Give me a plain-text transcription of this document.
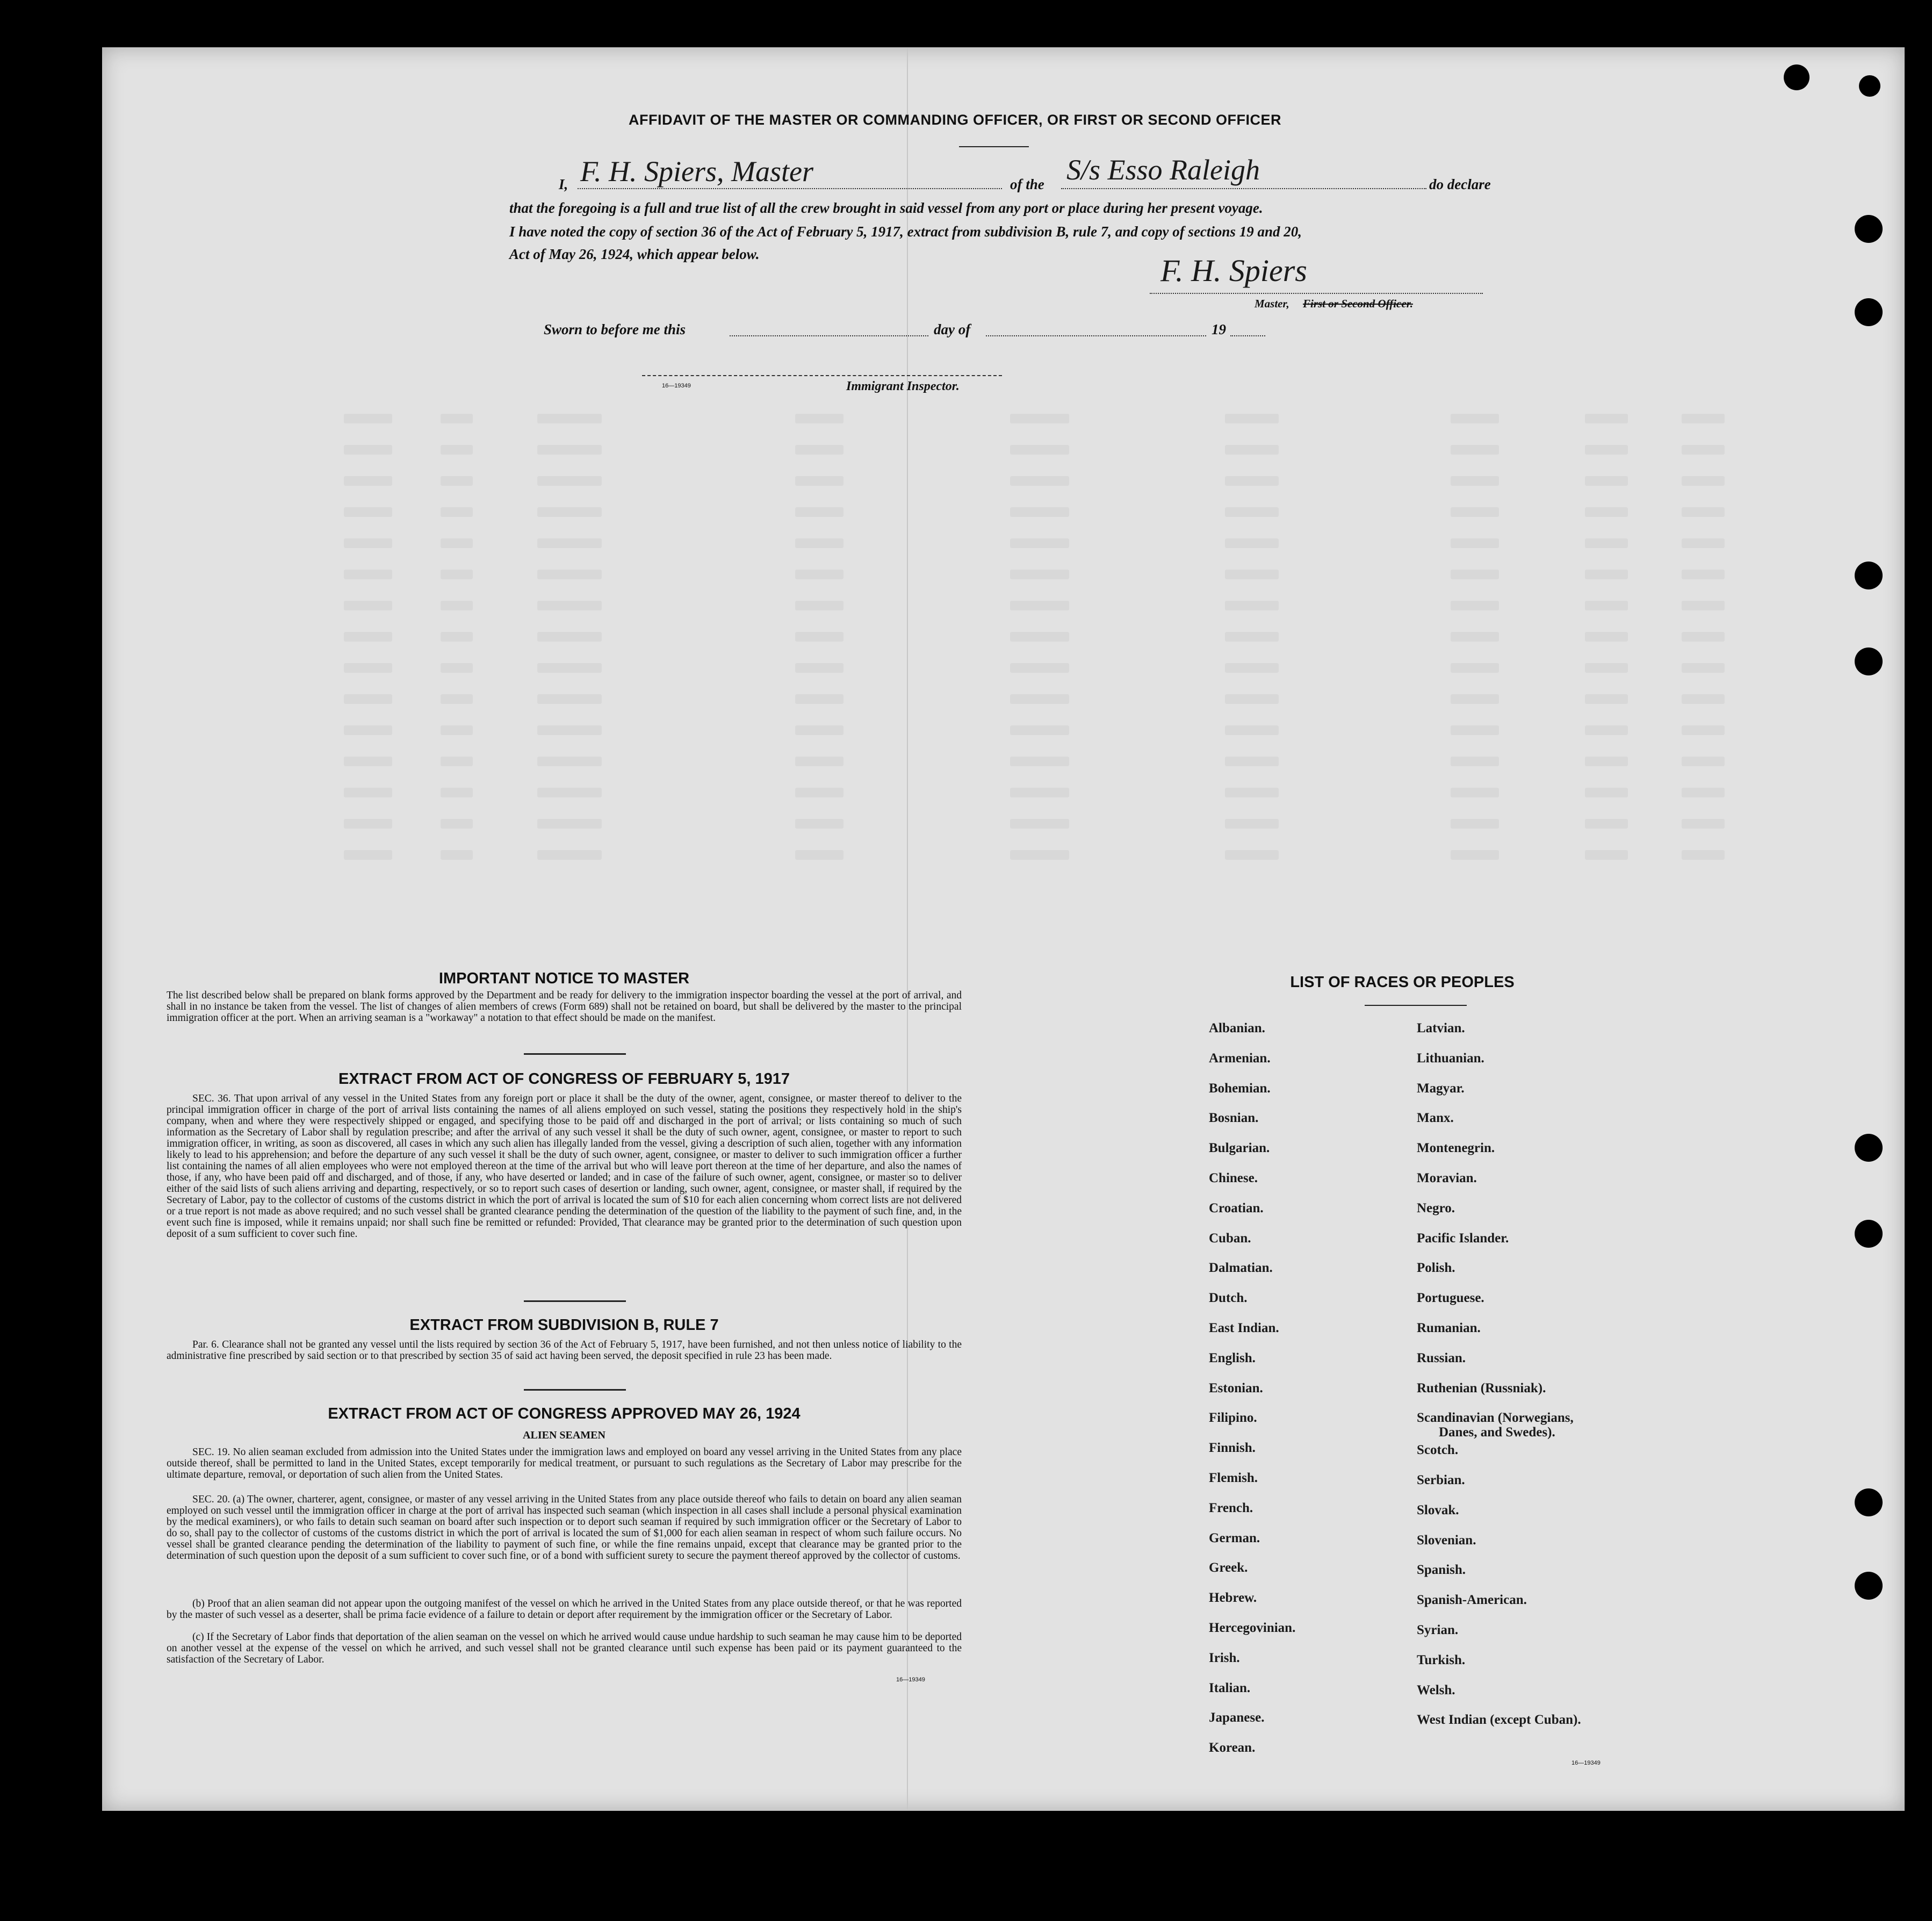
AFFIDAVIT OF THE MASTER OR COMMANDING OFFICER, OR FIRST OR SECOND OFFICER
I, F. H. Spiers, Master	of the S/s Esso Raleigh	do declare
that the foregoing is a full and true list of all the crew brought in said vessel from any port or place during her present voyage.
I have noted the copy of section 36 of the Act of February 5, 1917, extract from subdivision B, rule 7, and copy of sections 19 and 20,
Act of May 26, 1924, which appear below.	F. H. Spiers
Master, First or Second Officer.
Sworn to before me this	day of	19
16—19349	Immigrant Inspector.
IMPORTANT NOTICE TO MASTER
The list described below shall be prepared on blank forms approved by the Department and be ready for delivery to the immigration inspector boarding the vessel at the port of arrival, and shall in no instance be taken from the vessel. The list of changes of alien members of crews (Form 689) shall not be retained on board, but shall be delivered by the master to the principal immigration officer at the port. When an arriving seaman is a "workaway" a notation to that effect should be made on the manifest.
EXTRACT FROM ACT OF CONGRESS OF FEBRUARY 5, 1917
SEC. 36. That upon arrival of any vessel in the United States from any foreign port or place it shall be the duty of the owner, agent, consignee, or master thereof to deliver to the principal immigration officer in charge of the port of arrival lists containing the names of all aliens employed on such vessel, stating the positions they respectively hold in the ship's company, when and where they were respectively shipped or engaged, and specifying those to be paid off and discharged in the port of arrival; or lists containing so much of such information as the Secretary of Labor shall by regulation prescribe; and after the arrival of any such vessel it shall be the duty of such owner, agent, consignee, or master to report to such immigration officer, in writing, as soon as discovered, all cases in which any such alien has illegally landed from the vessel, giving a description of such alien, together with any information likely to lead to his apprehension; and before the departure of any such vessel it shall be the duty of such owner, agent, consignee, or master to deliver to such immigration officer a further list containing the names of all alien employees who were not employed thereon at the time of the arrival but who will leave port thereon at the time of her departure, and also the names of those, if any, who have been paid off and discharged, and of those, if any, who have deserted or landed; and in case of the failure of such owner, agent, consignee, or master so to deliver either of the said lists of such aliens arriving and departing, respectively, or so to report such cases of desertion or landing, such owner, agent, consignee, or master shall, if required by the Secretary of Labor, pay to the collector of customs of the customs district in which the port of arrival is located the sum of $10 for each alien concerning whom correct lists are not delivered or a true report is not made as above required; and no such vessel shall be granted clearance pending the determination of the question of the liability to the payment of such fine, and, in the event such fine is imposed, while it remains unpaid; nor shall such fine be remitted or refunded: Provided, That clearance may be granted prior to the determination of such question upon deposit of a sum sufficient to cover such fine.
EXTRACT FROM SUBDIVISION B, RULE 7
Par. 6. Clearance shall not be granted any vessel until the lists required by section 36 of the Act of February 5, 1917, have been furnished, and not then unless notice of liability to the administrative fine prescribed by said section or to that prescribed by section 35 of said act having been served, the deposit specified in rule 23 has been made.
EXTRACT FROM ACT OF CONGRESS APPROVED MAY 26, 1924
ALIEN SEAMEN
SEC. 19. No alien seaman excluded from admission into the United States under the immigration laws and employed on board any vessel arriving in the United States from any place outside thereof, shall be permitted to land in the United States, except temporarily for medical treatment, or pursuant to such regulations as the Secretary of Labor may prescribe for the ultimate departure, removal, or deportation of such alien from the United States.
SEC. 20. (a) The owner, charterer, agent, consignee, or master of any vessel arriving in the United States from any place outside thereof who fails to detain on board any alien seaman employed on such vessel until the immigration officer in charge at the port of arrival has inspected such seaman (which inspection in all cases shall include a personal physical examination by the medical examiners), or who fails to detain such seaman on board after such inspection or to deport such seaman if required by such immigration officer or the Secretary of Labor to do so, shall pay to the collector of customs of the customs district in which the port of arrival is located the sum of $1,000 for each alien seaman in respect of whom such failure occurs. No vessel shall be granted clearance pending the determination of the liability to payment of such fine, or while the fine remains unpaid, except that clearance may be granted prior to the determination of such question upon the deposit of a sum sufficient to cover such fine, or of a bond with sufficient surety to secure the payment thereof approved by the collector of customs.
(b) Proof that an alien seaman did not appear upon the outgoing manifest of the vessel on which he arrived in the United States from any place outside thereof, or that he was reported by the master of such vessel as a deserter, shall be prima facie evidence of a failure to detain or deport after requirement by the immigration officer or the Secretary of Labor.
(c) If the Secretary of Labor finds that deportation of the alien seaman on the vessel on which he arrived would cause undue hardship to such seaman he may cause him to be deported on another vessel at the expense of the vessel on which he arrived, and such vessel shall not be granted clearance until such expense has been paid or its payment guaranteed to the satisfaction of the Secretary of Labor.
16—19349
LIST OF RACES OR PEOPLES
Albanian.
Armenian.
Bohemian.
Bosnian.
Bulgarian.
Chinese.
Croatian.
Cuban.
Dalmatian.
Dutch.
East Indian.
English.
Estonian.
Filipino.
Finnish.
Flemish.
French.
German.
Greek.
Hebrew.
Hercegovinian.
Irish.
Italian.
Japanese.
Korean.
Latvian.
Lithuanian.
Magyar.
Manx.
Montenegrin.
Moravian.
Negro.
Pacific Islander.
Polish.
Portuguese.
Rumanian.
Russian.
Ruthenian (Russniak).
Scandinavian (Norwegians,
Danes, and Swedes).
Scotch.
Serbian.
Slovak.
Slovenian.
Spanish.
Spanish-American.
Syrian.
Turkish.
Welsh.
West Indian (except Cuban).
16—19349
